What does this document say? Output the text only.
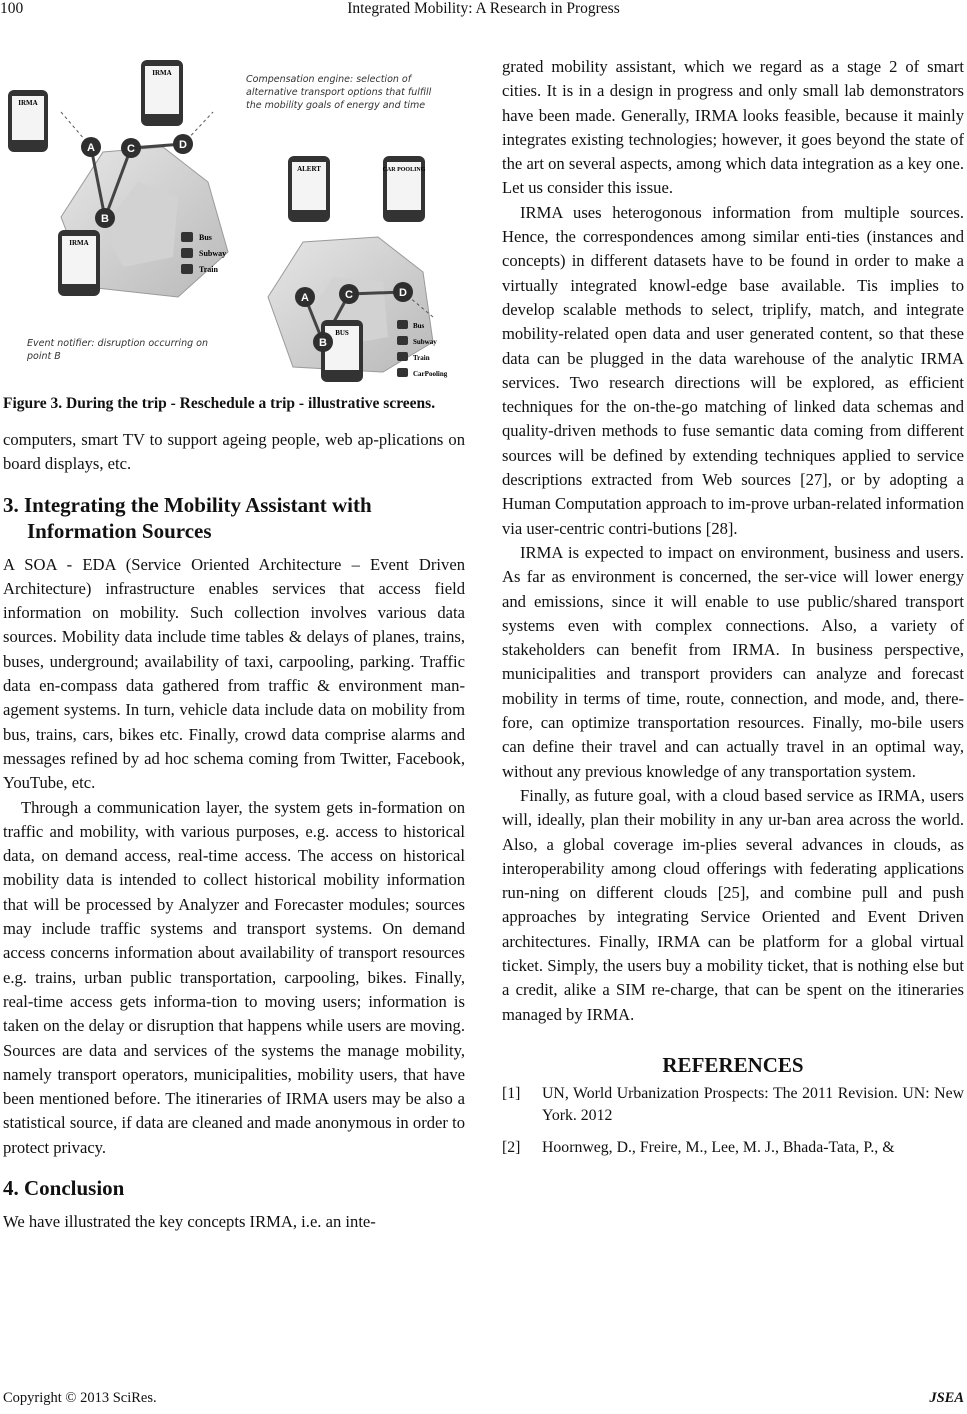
100	Integrated Mobility: A Research in Progress
IRMA
IRMA
IRMA
ALERT	CAR POOLING
BUS
A
B
C	D
A
B
C	D
Bus
Subway
Train
Bus
Subway
Train
CarPooling
Compensation engine: selection of
alternative transport options that fulfill
the mobility goals of energy and time
Event notifier: disruption occurring on
point B
Figure 3. During the trip - Reschedule a trip - illustrative screens.

computers, smart TV to support ageing people, web ap-plications on board displays, etc.

3. Integrating the Mobility Assistant with Information Sources

A SOA - EDA (Service Oriented Architecture – Event Driven Architecture) infrastructure enables services that access field information on mobility. Such collection involves various data sources. Mobility data include time tables & delays of planes, trains, buses, underground; availability of taxi, carpooling, parking. Traffic data en-compass data gathered from traffic & environment man-agement systems. In turn, vehicle data include data on mobility from bus, trains, cars, bikes etc. Finally, crowd data comprise alarms and messages refined by ad hoc schema coming from Twitter, Facebook, YouTube, etc.

Through a communication layer, the system gets in-formation on traffic and mobility, with various purposes, e.g. access to historical data, on demand access, real-time access. The access on historical mobility data is intended to collect historical mobility information that will be processed by Analyzer and Forecaster modules; sources may include traffic systems and transport systems. On demand access concerns information about availability of transport resources e.g. trains, urban public transportation, carpooling, bikes. Finally, real-time access gets informa-tion to moving users; information is taken on the delay or disruption that happens while users are moving. Sources are data and services of the systems the manage mobility, namely transport operators, municipalities, mobility users, that have been mentioned before. The itineraries of IRMA users may be also a statistical source, if data are cleaned and made anonymous in order to protect privacy.

4. Conclusion

We have illustrated the key concepts IRMA, i.e. an inte-

grated mobility assistant, which we regard as a stage 2 of smart cities. It is in a design in progress and only small lab demonstrators have been made. Generally, IRMA looks feasible, because it mainly integrates existing technologies; however, it goes beyond the state of the art on several aspects, among which data integration as a key one. Let us consider this issue.

IRMA uses heterogonous information from multiple sources. Hence, the correspondences among similar enti-ties (instances and concepts) in different datasets have to be found in order to make a virtually integrated knowl-edge base available. Tis implies to develop scalable methods to select, triplify, match, and integrate mobility-related open data and user generated content, so that these data can be plugged in the data warehouse of the analytic IRMA services. Two research directions will be explored, as efficient techniques for the on-the-go matching of linked data schemas and quality-driven methods to fuse semantic data coming from different sources will be defined by extending techniques applied to service descriptions extracted from Web sources [27], or by adopting a Human Computation approach to im-prove urban-related information via user-centric contri-butions [28].

IRMA is expected to impact on environment, business and users. As far as environment is concerned, the ser-vice will lower energy and emissions, since it will enable to use public/shared transport systems even with complex connections. Also, a variety of stakeholders can benefit from IRMA. In business perspective, municipalities and transport providers can analyze and forecast mobility in terms of time, route, connection, and mode, and, there-fore, can optimize transportation resources. Finally, mo-bile users can define their travel and can actually travel in an optimal way, without any previous knowledge of any transportation system.

Finally, as future goal, with a cloud based service as IRMA, users will, ideally, plan their mobility in any ur-ban area across the world. Also, a global coverage im-plies several advances in clouds, as interoperability among cloud offerings with federating applications run-ning on different clouds [25], and combine pull and push approaches by integrating Service Oriented and Event Driven architectures. Finally, IRMA can be platform for a global virtual ticket. Simply, the users buy a mobility ticket, that is nothing else but a credit, alike a SIM re-charge, that can be spent on the itineraries managed by IRMA.

REFERENCES
[1]	UN, World Urbanization Prospects: The 2011 Revision. UN: New York. 2012
[2]	Hoornweg, D., Freire, M., Lee, M. J., Bhada-Tata, P., &
Copyright © 2013 SciRes.	JSEA
